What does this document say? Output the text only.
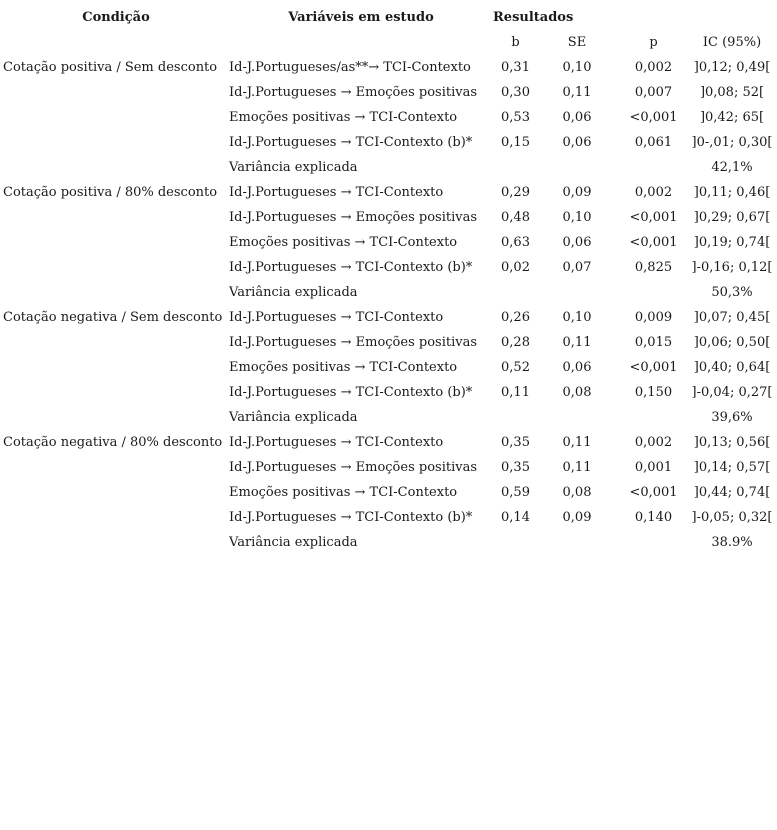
Condição	Variáveis em estudo	Resultados			
		b	SE	p	IC (95%)
Cotação positiva / Sem desconto	Id-J.Portugueses/as**→ TCI-Contexto	0,31	0,10	0,002	]0,12; 0,49[
	Id-J.Portugueses → Emoções positivas	0,30	0,11	0,007	]0,08; 52[
	Emoções positivas → TCI-Contexto	0,53	0,06	<0,001	]0,42; 65[
	Id-J.Portugueses → TCI-Contexto (b)*	0,15	0,06	0,061	]0-,01; 0,30[
	Variância explicada				42,1%
Cotação positiva / 80% desconto	Id-J.Portugueses → TCI-Contexto	0,29	0,09	0,002	]0,11; 0,46[
	Id-J.Portugueses → Emoções positivas	0,48	0,10	<0,001	]0,29; 0,67[
	Emoções positivas → TCI-Contexto	0,63	0,06	<0,001	]0,19; 0,74[
	Id-J.Portugueses → TCI-Contexto (b)*	0,02	0,07	0,825	]-0,16; 0,12[
	Variância explicada				50,3%
Cotação negativa / Sem desconto	Id-J.Portugueses → TCI-Contexto	0,26	0,10	0,009	]0,07; 0,45[
	Id-J.Portugueses → Emoções positivas	0,28	0,11	0,015	]0,06; 0,50[
	Emoções positivas → TCI-Contexto	0,52	0,06	<0,001	]0,40; 0,64[
	Id-J.Portugueses → TCI-Contexto (b)*	0,11	0,08	0,150	]-0,04; 0,27[
	Variância explicada				39,6%
Cotação negativa / 80% desconto	Id-J.Portugueses → TCI-Contexto	0,35	0,11	0,002	]0,13; 0,56[
	Id-J.Portugueses → Emoções positivas	0,35	0,11	0,001	]0,14; 0,57[
	Emoções positivas → TCI-Contexto	0,59	0,08	<0,001	]0,44; 0,74[
	Id-J.Portugueses → TCI-Contexto (b)*	0,14	0,09	0,140	]-0,05; 0,32[
	Variância explicada				38.9%
